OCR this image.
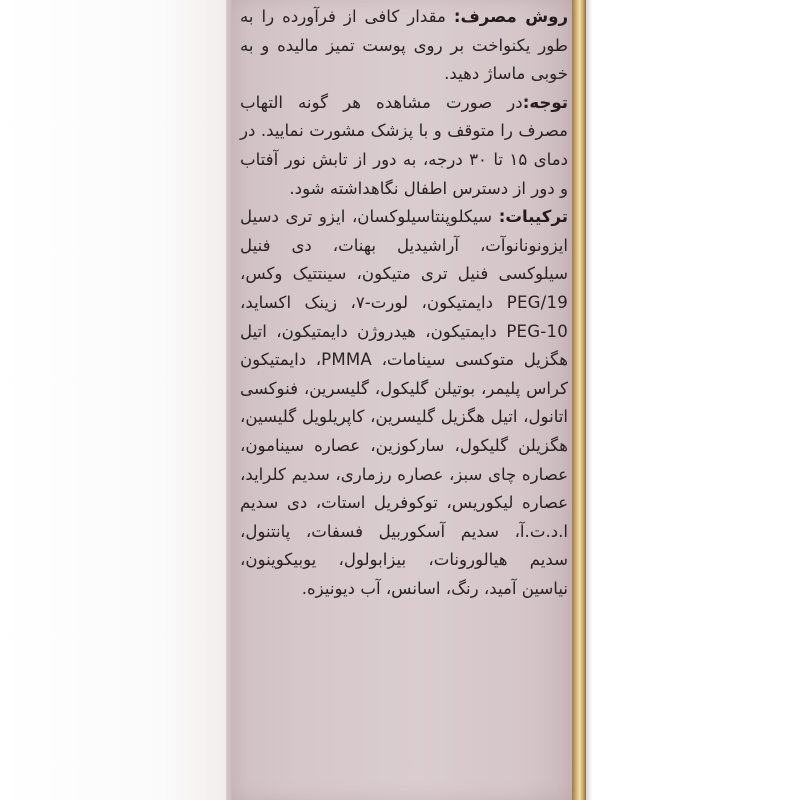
روش مصرف: مقدار کافی از فرآورده را به طور یکنواخت بر روی پوست تمیز مالیده و به خوبی ماساژ دهید.

توجه:در صورت مشاهده هر گونه التهاب مصرف را متوقف و با پزشک مشورت نمایید. در دمای ۱۵ تا ۳۰ درجه، به دور از تابش نور آفتاب و دور از دسترس اطفال نگاهداشته شود.

ترکیبات: سیکلوپنتاسیلوکسان، ایزو تری دسیل ایزونونانوآت، آراشیدیل بهنات، دی فنیل سیلوکسی فنیل تری متیکون، سینتتیک وکس، PEG/19 دایمتیکون، لورت-۷، زینک اکساید، PEG-10 دایمتیکون، هیدروژن دایمتیکون، اتیل هگزیل متوکسی سینامات، PMMA، دایمتیکون کراس پلیمر، بوتیلن گلیکول، گلیسرین، فنوکسی اتانول، اتیل هگزیل گلیسرین، کاپریلویل گلیسین، هگزیلن گلیکول، سارکوزین، عصاره سینامون، عصاره چای سبز، عصاره رزماری، سدیم کلراید، عصاره لیکوریس، توکوفریل استات، دی سدیم ا.د.ت.آ، سدیم آسکوربیل فسفات، پانتنول، سدیم هیالورونات، بیزابولول، یوبیکوینون، نیاسین آمید، رنگ، اسانس، آب دیونیزه.
